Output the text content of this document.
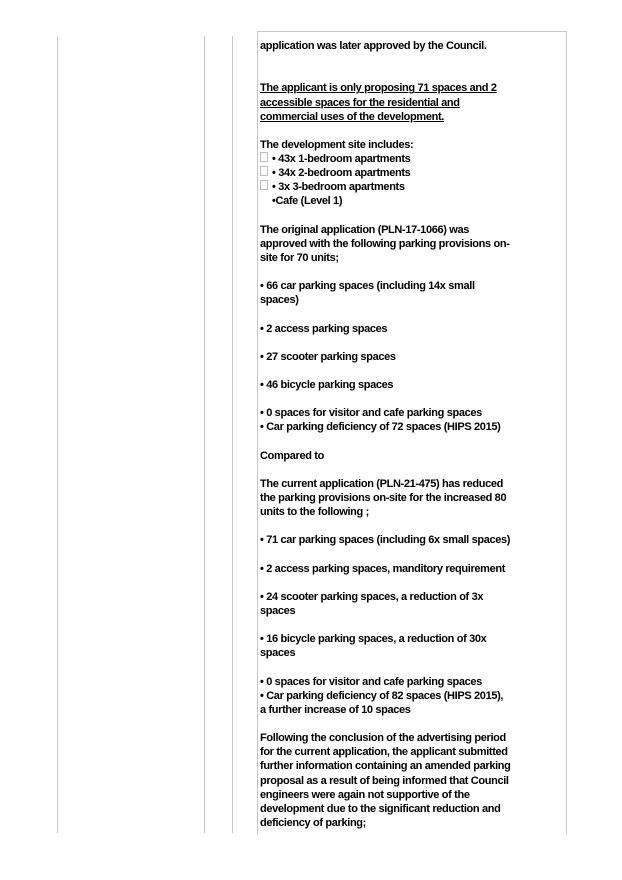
application was later approved by the Council.

The applicant is only proposing 71 spaces and 2
accessible spaces for the residential and
commercial uses of the development.

The development site includes:
• 43x 1-bedroom apartments
• 34x 2-bedroom apartments
• 3x 3-bedroom apartments
•Cafe (Level 1)

The original application (PLN-17-1066) was
approved with the following parking provisions on-
site for 70 units;

• 66 car parking spaces (including 14x small
spaces)

• 2 access parking spaces

• 27 scooter parking spaces

• 46 bicycle parking spaces

• 0 spaces for visitor and cafe parking spaces
• Car parking deficiency of 72 spaces (HIPS 2015)

Compared to

The current application (PLN-21-475) has reduced
the parking provisions on-site for the increased 80
units to the following ;

• 71 car parking spaces (including 6x small spaces)

• 2 access parking spaces, manditory requirement

• 24 scooter parking spaces, a reduction of 3x
spaces

• 16 bicycle parking spaces, a reduction of 30x
spaces

• 0 spaces for visitor and cafe parking spaces
• Car parking deficiency of 82 spaces (HIPS 2015),
a further increase of 10 spaces

Following the conclusion of the advertising period
for the current application, the applicant submitted
further information containing an amended parking
proposal as a result of being informed that Council
engineers were again not supportive of the
development due to the significant reduction and
deficiency of parking;
